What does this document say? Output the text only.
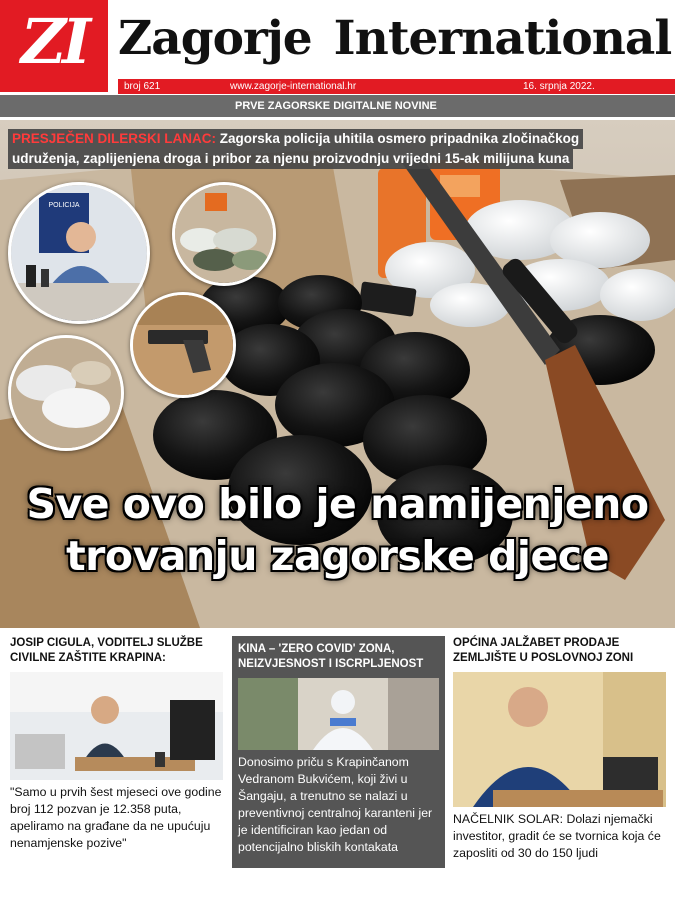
ZI Zagorje International
broj 621	www.zagorje-international.hr	16. srpnja 2022.
PRVE ZAGORSKE DIGITALNE NOVINE
POLICIJA
PRESJEČEN DILERSKI LANAC: Zagorska policija uhitila osmero pripadnika zločinačkog
udruženja, zaplijenjena droga i pribor za njenu proizvodnju vrijedni 15-ak milijuna kuna
Sve ovo bilo je namijenjeno
trovanju zagorske djece
JOSIP CIGULA, VODITELJ SLUŽBE CIVILNE ZAŠTITE KRAPINA:
"Samo u prvih šest mjeseci ove godine broj 112 pozvan je 12.358 puta, apeliramo na građane da ne upućuju nenamjenske pozive"
KINA – 'ZERO COVID' ZONA, NEIZVJESNOST I ISCRPLJENOST
Donosimo priču s Krapinčanom Vedranom Bukvićem, koji živi u Šangaju, a trenutno se nalazi u preventivnoj centralnoj karanteni jer je identificiran kao jedan od potencijalno bliskih kontakata
OPĆINA JALŽABET PRODAJE ZEMLJIŠTE U POSLOVNOJ ZONI
NAČELNIK SOLAR: Dolazi njemački investitor, gradit će se tvornica koja će zaposliti od 30 do 150 ljudi
